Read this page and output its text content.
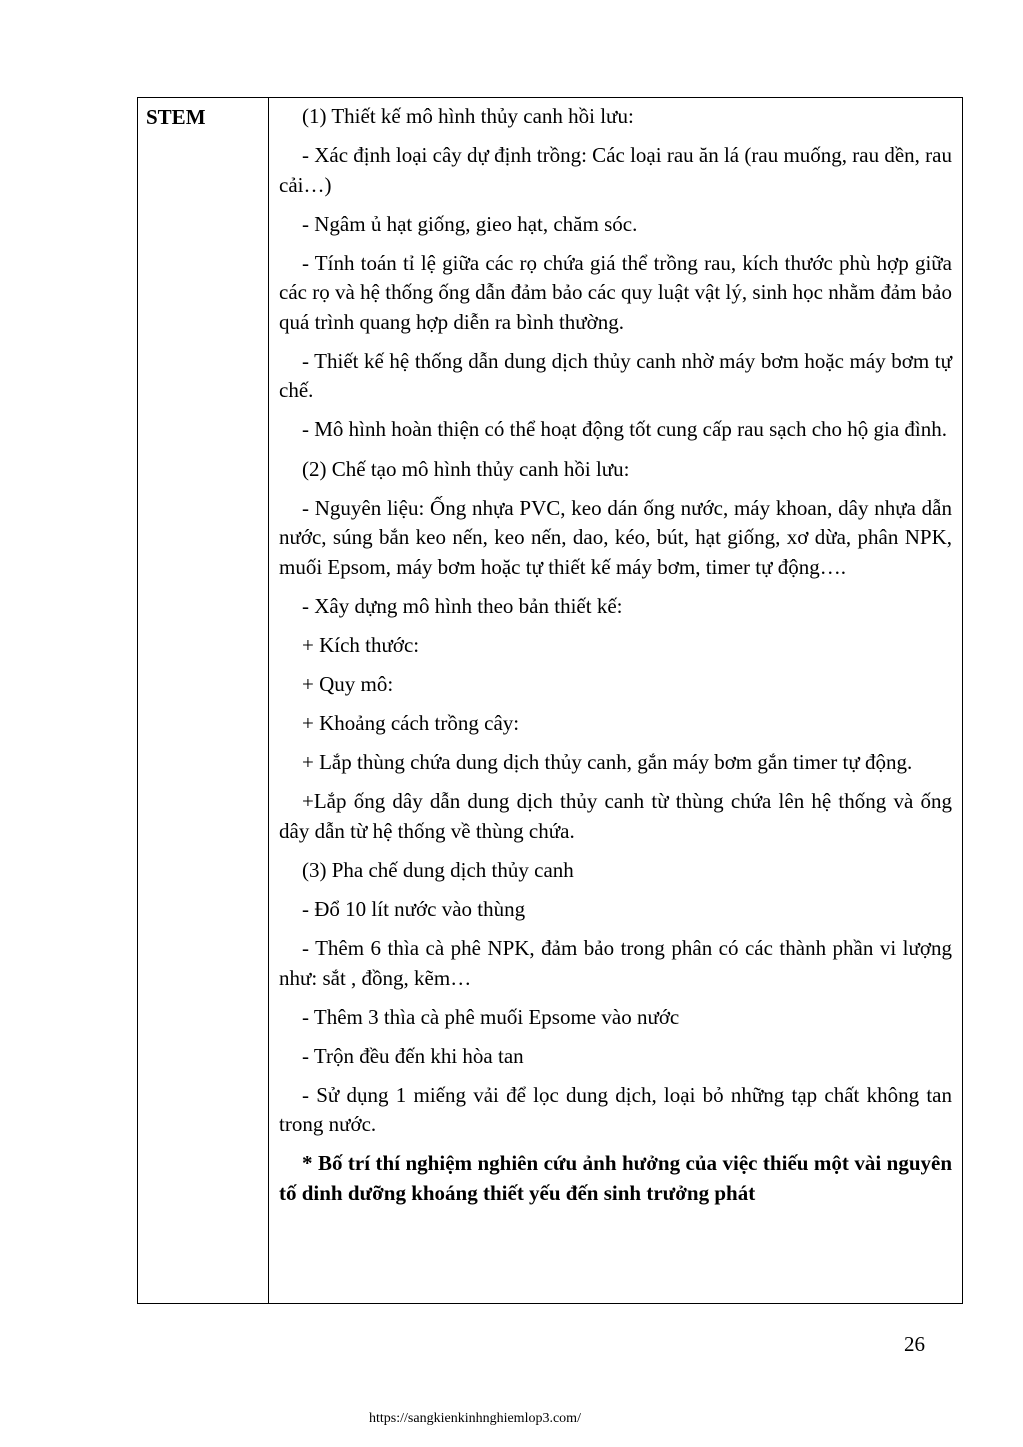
STEM	(1) Thiết kế mô hình thủy canh hồi lưu:

- Xác định loại cây dự định trồng: Các loại rau ăn lá (rau muống, rau dền, rau cải…)

- Ngâm ủ hạt giống, gieo hạt, chăm sóc.

- Tính toán tỉ lệ giữa các rọ chứa giá thể trồng rau, kích thước phù hợp giữa các rọ và hệ thống ống dẫn đảm bảo các quy luật vật lý, sinh học nhằm đảm bảo quá trình quang hợp diễn ra bình thường.

- Thiết kế hệ thống dẫn dung dịch thủy canh nhờ máy bơm hoặc máy bơm tự chế.

- Mô hình hoàn thiện có thể hoạt động tốt cung cấp rau sạch cho hộ gia đình.

(2) Chế tạo mô hình thủy canh hồi lưu:

- Nguyên liệu: Ống nhựa PVC, keo dán ống nước, máy khoan, dây nhựa dẫn nước, súng bắn keo nến, keo nến, dao, kéo, bút, hạt giống, xơ dừa, phân NPK, muối Epsom, máy bơm hoặc tự thiết kế máy bơm, timer tự động….

- Xây dựng mô hình theo bản thiết kế:

+ Kích thước:

+ Quy mô:

+ Khoảng cách trồng cây:

+ Lắp thùng chứa dung dịch thủy canh, gắn máy bơm gắn timer tự động.

+Lắp ống dây dẫn dung dịch thủy canh từ thùng chứa lên hệ thống và ống dây dẫn từ hệ thống về thùng chứa.

(3) Pha chế dung dịch thủy canh

- Đổ 10 lít nước vào thùng

- Thêm 6 thìa cà phê NPK, đảm bảo trong phân có các thành phần vi lượng như: sắt , đồng, kẽm…

- Thêm 3 thìa cà phê muối Epsome vào nước

- Trộn đều đến khi hòa tan

- Sử dụng 1 miếng vải để lọc dung dịch, loại bỏ những tạp chất không tan trong nước.

* Bố trí thí nghiệm nghiên cứu ảnh hưởng của việc thiếu một vài nguyên tố dinh dưỡng khoáng thiết yếu đến sinh trưởng phát

26
https://sangkienkinhnghiemlop3.com/
